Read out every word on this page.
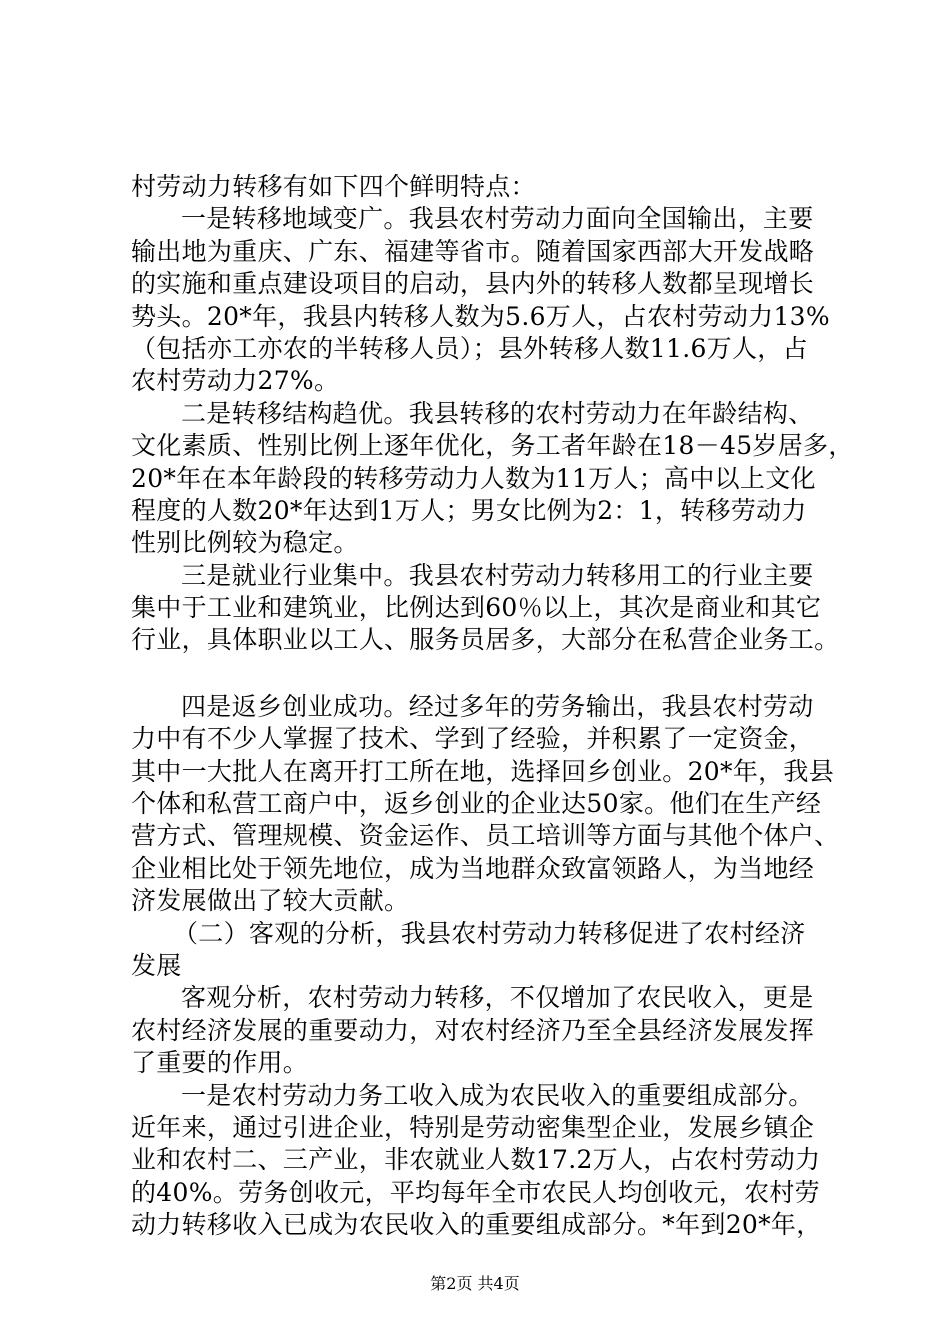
村劳动力转移有如下四个鲜明特点：
一是转移地域变广。我县农村劳动力面向全国输出，主要
输出地为重庆、广东、福建等省市。随着国家西部大开发战略
的实施和重点建设项目的启动，县内外的转移人数都呈现增长
势头。20*年，我县内转移人数为5.6万人，占农村劳动力13%
（包括亦工亦农的半转移人员）；县外转移人数11.6万人，占
农村劳动力27%。
二是转移结构趋优。我县转移的农村劳动力在年龄结构、
文化素质、性别比例上逐年优化，务工者年龄在18－45岁居多，
20*年在本年龄段的转移劳动力人数为11万人；高中以上文化
程度的人数20*年达到1万人；男女比例为2：1，转移劳动力
性别比例较为稳定。
三是就业行业集中。我县农村劳动力转移用工的行业主要
集中于工业和建筑业，比例达到60％以上，其次是商业和其它
行业，具体职业以工人、服务员居多，大部分在私营企业务工。
四是返乡创业成功。经过多年的劳务输出，我县农村劳动
力中有不少人掌握了技术、学到了经验，并积累了一定资金，
其中一大批人在离开打工所在地，选择回乡创业。20*年，我县
个体和私营工商户中，返乡创业的企业达50家。他们在生产经
营方式、管理规模、资金运作、员工培训等方面与其他个体户、
企业相比处于领先地位，成为当地群众致富领路人，为当地经
济发展做出了较大贡献。
（二）客观的分析，我县农村劳动力转移促进了农村经济
发展
客观分析，农村劳动力转移，不仅增加了农民收入，更是
农村经济发展的重要动力，对农村经济乃至全县经济发展发挥
了重要的作用。
一是农村劳动力务工收入成为农民收入的重要组成部分。
近年来，通过引进企业，特别是劳动密集型企业，发展乡镇企
业和农村二、三产业，非农就业人数17.2万人，占农村劳动力
的40%。劳务创收元，平均每年全市农民人均创收元，农村劳
动力转移收入已成为农民收入的重要组成部分。*年到20*年，
第2页 共4页
